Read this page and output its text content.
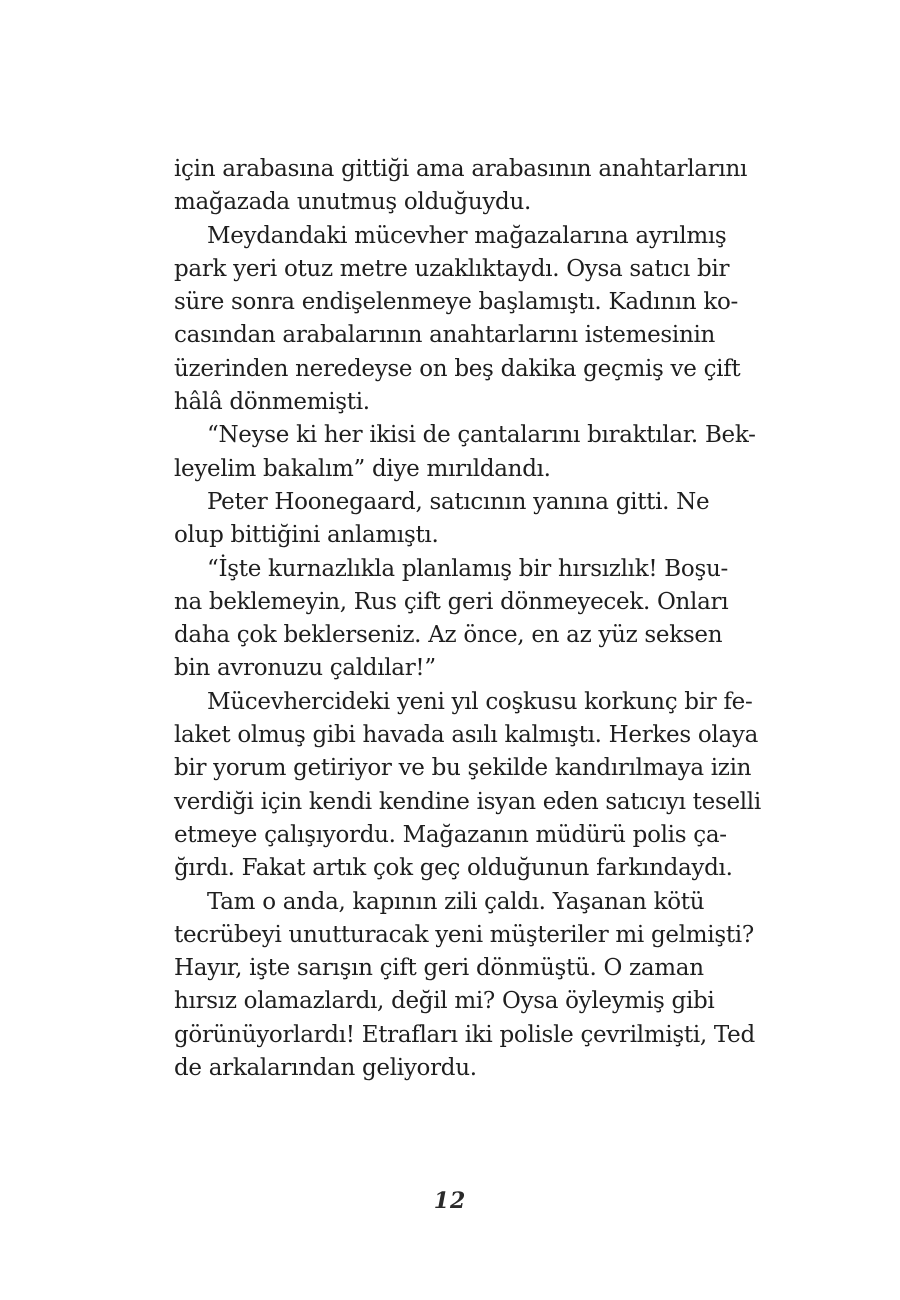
için arabasına gittiği ama arabasının anahtarlarını
mağazada unutmuş olduğuydu.
Meydandaki mücevher mağazalarına ayrılmış
park yeri otuz metre uzaklıktaydı. Oysa satıcı bir
süre sonra endişelenmeye başlamıştı. Kadının ko-
casından arabalarının anahtarlarını istemesinin
üzerinden neredeyse on beş dakika geçmiş ve çift
hâlâ dönmemişti.
“Neyse ki her ikisi de çantalarını bıraktılar. Bek-
leyelim bakalım” diye mırıldandı.
Peter Hoonegaard, satıcının yanına gitti. Ne
olup bittiğini anlamıştı.
“İşte kurnazlıkla planlamış bir hırsızlık! Boşu-
na beklemeyin, Rus çift geri dönmeyecek. Onları
daha çok beklerseniz. Az önce, en az yüz seksen
bin avronuzu çaldılar!”
Mücevhercideki yeni yıl coşkusu korkunç bir fe-
laket olmuş gibi havada asılı kalmıştı. Herkes olaya
bir yorum getiriyor ve bu şekilde kandırılmaya izin
verdiği için kendi kendine isyan eden satıcıyı teselli
etmeye çalışıyordu. Mağazanın müdürü polis ça-
ğırdı. Fakat artık çok geç olduğunun farkındaydı.
Tam o anda, kapının zili çaldı. Yaşanan kötü
tecrübeyi unutturacak yeni müşteriler mi gelmişti?
Hayır, işte sarışın çift geri dönmüştü. O zaman
hırsız olamazlardı, değil mi? Oysa öyleymiş gibi
görünüyorlardı! Etrafları iki polisle çevrilmişti, Ted
de arkalarından geliyordu.
12
